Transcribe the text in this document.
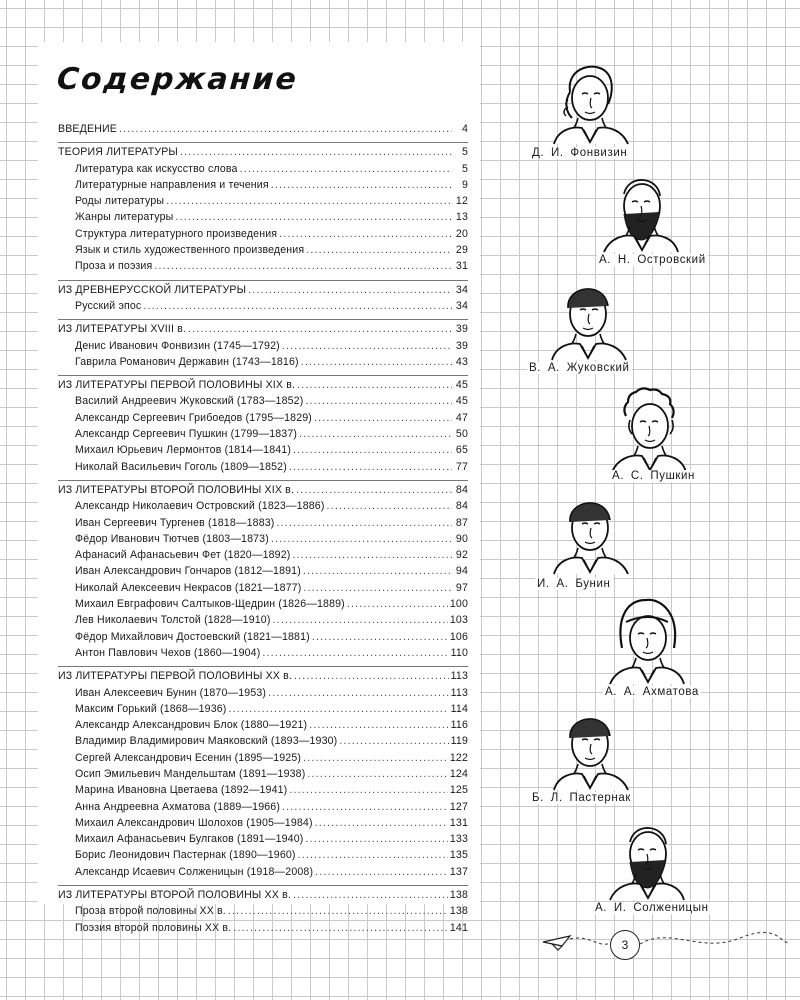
Содержание
ВВЕДЕНИЕ .....	4
ТЕОРИЯ ЛИТЕРАТУРЫ .....	5
Литература как искусство слова .....	5
Литературные направления и течения .....	9
Роды литературы .....	12
Жанры литературы .....	13
Структура литературного произведения .....	20
Язык и стиль художественного произведения .....	29
Проза и поэзия .....	31
ИЗ ДРЕВНЕРУССКОЙ ЛИТЕРАТУРЫ .....	34
Русский эпос .....	34
ИЗ ЛИТЕРАТУРЫ XVIII в. .....	39
Денис Иванович Фонвизин (1745—1792) .....	39
Гаврила Романович Державин (1743—1816) .....	43
ИЗ ЛИТЕРАТУРЫ ПЕРВОЙ ПОЛОВИНЫ XIX в. .....	45
Василий Андреевич Жуковский (1783—1852) .....	45
Александр Сергеевич Грибоедов (1795—1829) .....	47
Александр Сергеевич Пушкин (1799—1837) .....	50
Михаил Юрьевич Лермонтов (1814—1841) .....	65
Николай Васильевич Гоголь (1809—1852) .....	77
ИЗ ЛИТЕРАТУРЫ ВТОРОЙ ПОЛОВИНЫ XIX в. .....	84
Александр Николаевич Островский (1823—1886) .....	84
Иван Сергеевич Тургенев (1818—1883) .....	87
Фёдор Иванович Тютчев (1803—1873) .....	90
Афанасий Афанасьевич Фет (1820—1892) .....	92
Иван Александрович Гончаров (1812—1891) .....	94
Николай Алексеевич Некрасов (1821—1877) .....	97
Михаил Евграфович Салтыков-Щедрин (1826—1889) .....	100
Лев Николаевич Толстой (1828—1910) .....	103
Фёдор Михайлович Достоевский (1821—1881) .....	106
Антон Павлович Чехов (1860—1904) .....	110
ИЗ ЛИТЕРАТУРЫ ПЕРВОЙ ПОЛОВИНЫ XX в. .....	113
Иван Алексеевич Бунин (1870—1953) .....	113
Максим Горький (1868—1936) .....	114
Александр Александрович Блок (1880—1921) .....	116
Владимир Владимирович Маяковский (1893—1930) .....	119
Сергей Александрович Есенин (1895—1925) .....	122
Осип Эмильевич Мандельштам (1891—1938) .....	124
Марина Ивановна Цветаева (1892—1941) .....	125
Анна Андреевна Ахматова (1889—1966) .....	127
Михаил Александрович Шолохов (1905—1984) .....	131
Михаил Афанасьевич Булгаков (1891—1940) .....	133
Борис Леонидович Пастернак (1890—1960) .....	135
Александр Исаевич Солженицын (1918—2008) .....	137
ИЗ ЛИТЕРАТУРЫ ВТОРОЙ ПОЛОВИНЫ XX в. .....	138
Проза второй половины XX в. .....	138
Поэзия второй половины XX в. .....	141
Д. И. Фонвизин
А. Н. Островский
В. А. Жуковский
А. С. Пушкин
И. А. Бунин
А. А. Ахматова
Б. Л. Пастернак
А. И. Солженицын
3
